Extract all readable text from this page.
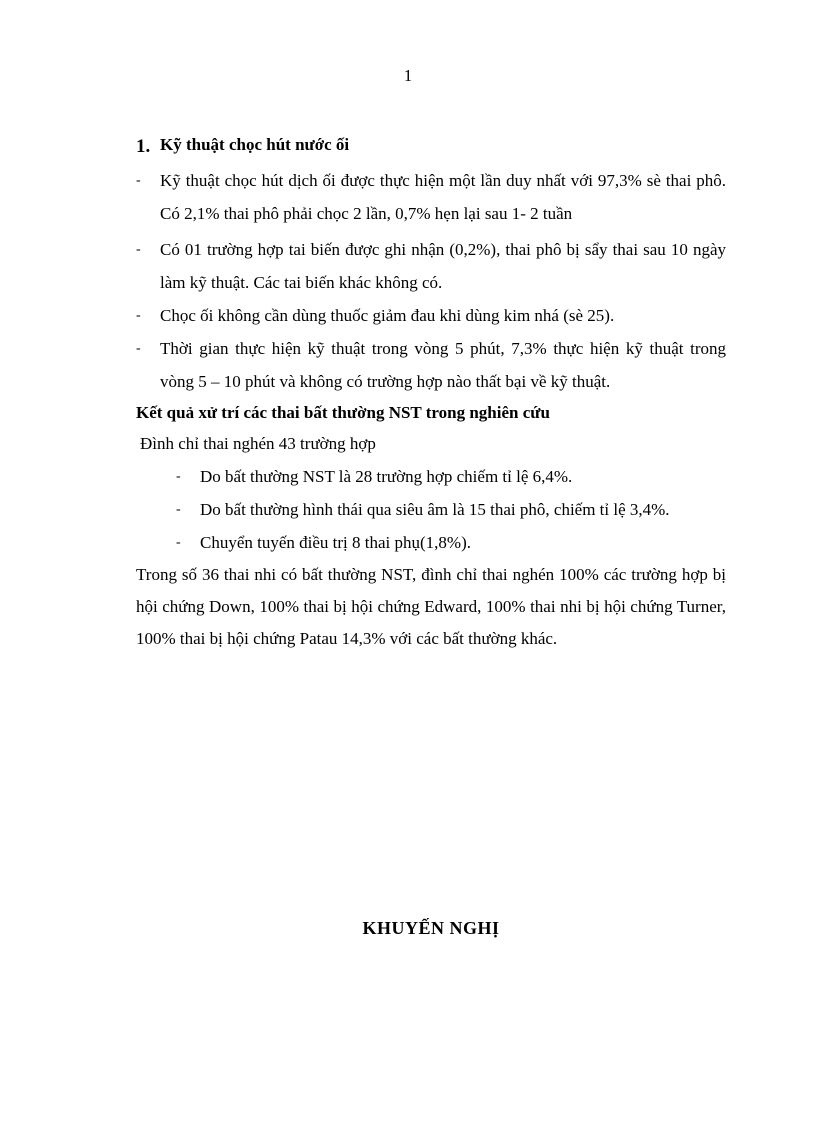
1
1. Kỹ thuật chọc hút nước ối
- Kỹ thuật chọc hút dịch ối được thực hiện một lần duy nhất với 97,3% sè thai phô. Có 2,1% thai phô phải chọc 2 lần, 0,7% hẹn lại sau 1- 2 tuần
- Có 01 trường hợp tai biến được ghi nhận (0,2%), thai phô bị sẩy thai sau 10 ngày làm kỹ thuật. Các tai biến khác không có.
- Chọc ối không cần dùng thuốc giảm đau khi dùng kim nhá (sè 25).
- Thời gian thực hiện kỹ thuật trong vòng 5 phút, 7,3% thực hiện kỹ thuật trong vòng 5 – 10 phút và không có trường hợp nào thất bại về kỹ thuật.

Kết quả xử trí các thai bất thường NST trong nghiên cứu

Đình chỉ thai nghén 43 trường hợp

- Do bất thường NST là 28 trường hợp chiếm tỉ lệ 6,4%.
- Do bất thường hình thái qua siêu âm là 15 thai phô, chiếm tỉ lệ 3,4%.
- Chuyển tuyến điều trị 8 thai phụ(1,8%).

Trong số 36 thai nhi có bất thường NST, đình chỉ thai nghén 100% các trường hợp bị hội chứng Down, 100% thai bị hội chứng Edward, 100% thai nhi bị hội chứng Turner, 100% thai bị hội chứng Patau 14,3% với các bất thường khác.

KHUYẾN NGHỊ
